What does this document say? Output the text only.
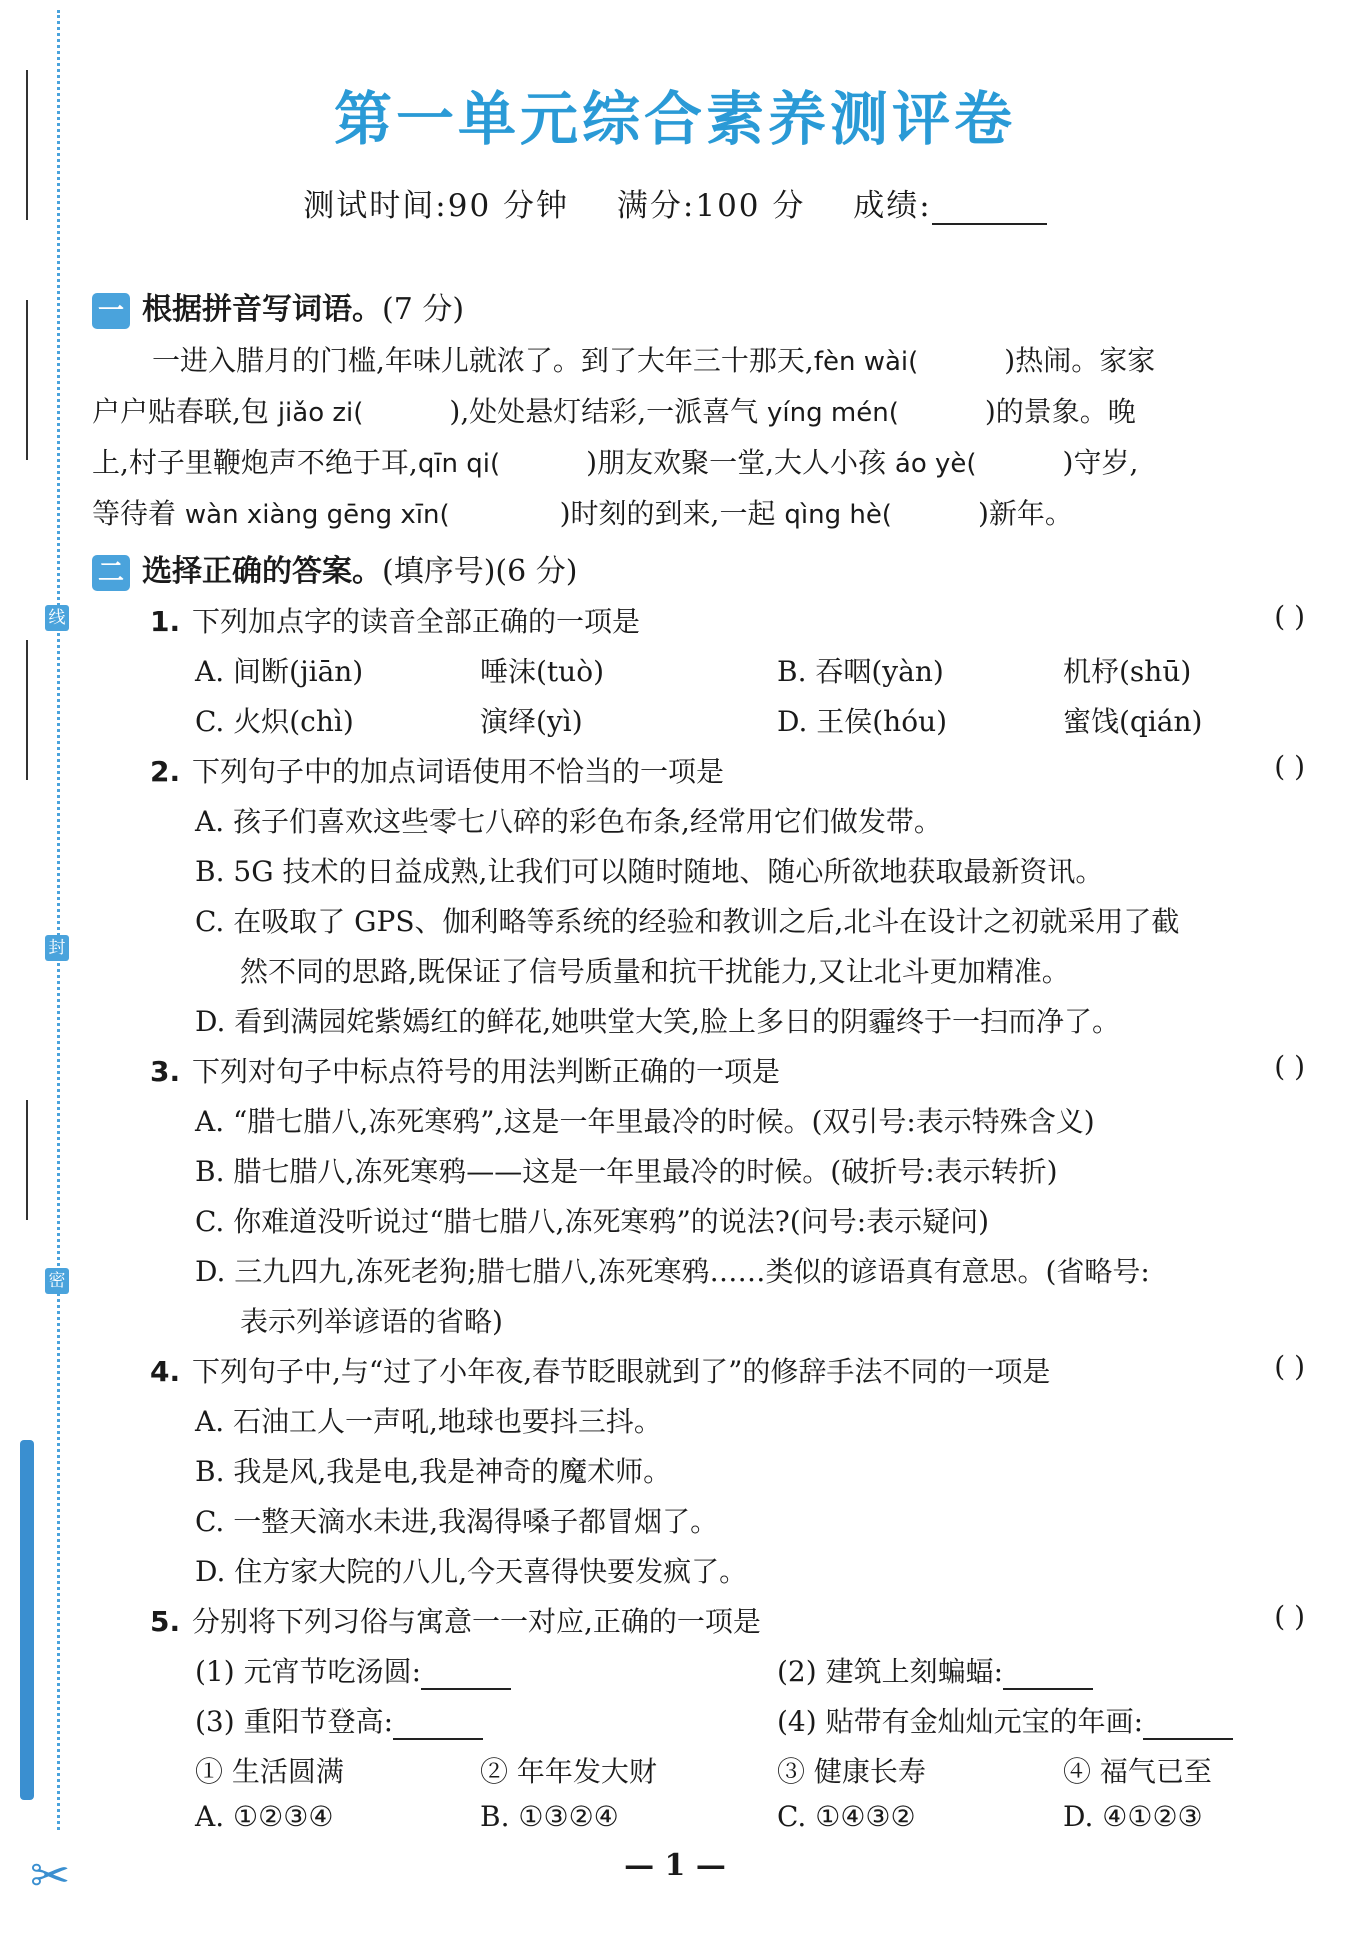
线
封
密
✂
第一单元综合素养测评卷
测试时间:90 分钟 满分:100 分 成绩:
一 根据拼音写词语。(7 分)
一进入腊月的门槛,年味儿就浓了。到了大年三十那天,fèn wài(	)热闹。家家
户户贴春联,包 jiǎo zi(	),处处悬灯结彩,一派喜气 yíng mén(	)的景象。晚
上,村子里鞭炮声不绝于耳,qīn qi(	)朋友欢聚一堂,大人小孩 áo yè(	)守岁,
等待着 wàn xiàng gēng xīn(	)时刻的到来,一起 qìng hè(	)新年。
二 选择正确的答案。(填序号)(6 分)
1. 下列加点字的读音全部正确的一项是	( )
A. 间断(jiān)	唾沫(tuò)	B. 吞咽(yàn)	机杼(shū)
C. 火炽(chì)	演绎(yì)	D. 王侯(hóu)	蜜饯(qián)
2. 下列句子中的加点词语使用不恰当的一项是	( )
A. 孩子们喜欢这些零七八碎的彩色布条,经常用它们做发带。
B. 5G 技术的日益成熟,让我们可以随时随地、随心所欲地获取最新资讯。
C. 在吸取了 GPS、伽利略等系统的经验和教训之后,北斗在设计之初就采用了截
然不同的思路,既保证了信号质量和抗干扰能力,又让北斗更加精准。
D. 看到满园姹紫嫣红的鲜花,她哄堂大笑,脸上多日的阴霾终于一扫而净了。
3. 下列对句子中标点符号的用法判断正确的一项是	( )
A. “腊七腊八,冻死寒鸦”,这是一年里最冷的时候。(双引号:表示特殊含义)
B. 腊七腊八,冻死寒鸦——这是一年里最冷的时候。(破折号:表示转折)
C. 你难道没听说过“腊七腊八,冻死寒鸦”的说法?(问号:表示疑问)
D. 三九四九,冻死老狗;腊七腊八,冻死寒鸦……类似的谚语真有意思。(省略号:
表示列举谚语的省略)
4. 下列句子中,与“过了小年夜,春节眨眼就到了”的修辞手法不同的一项是	( )
A. 石油工人一声吼,地球也要抖三抖。
B. 我是风,我是电,我是神奇的魔术师。
C. 一整天滴水未进,我渴得嗓子都冒烟了。
D. 住方家大院的八儿,今天喜得快要发疯了。
5. 分别将下列习俗与寓意一一对应,正确的一项是	( )
(1) 元宵节吃汤圆:	(2) 建筑上刻蝙蝠:
(3) 重阳节登高:	(4) 贴带有金灿灿元宝的年画:
① 生活圆满	② 年年发大财	③ 健康长寿	④ 福气已至
A. ①②③④	B. ①③②④	C. ①④③②	D. ④①②③
— 1 —
